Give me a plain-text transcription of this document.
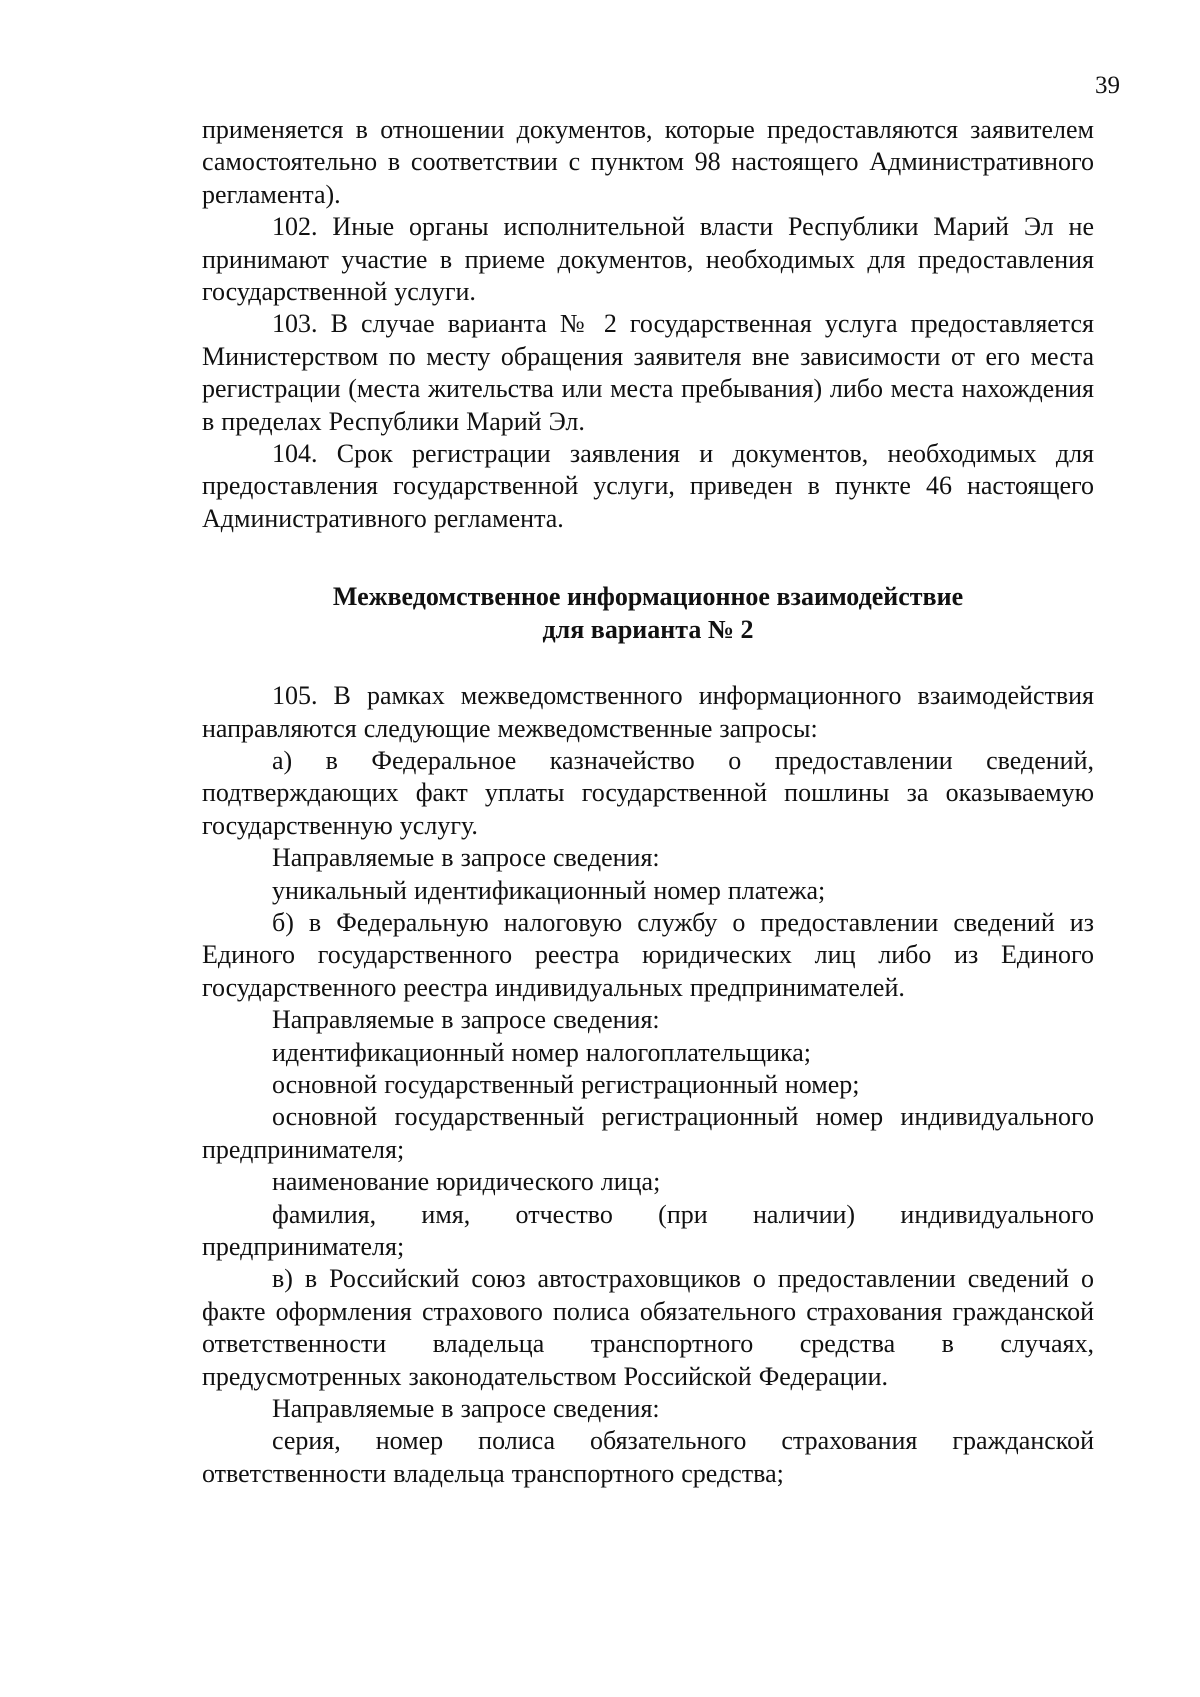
39

применяется в отношении документов, которые предоставляются заявителем самостоятельно в соответствии с пунктом 98 настоящего Административного регламента).

102. Иные органы исполнительной власти Республики Марий Эл не принимают участие в приеме документов, необходимых для предоставления государственной услуги.

103. В случае варианта № 2 государственная услуга предоставляется Министерством по месту обращения заявителя вне зависимости от его места регистрации (места жительства или места пребывания) либо места нахождения в пределах Республики Марий Эл.

104. Срок регистрации заявления и документов, необходимых для предоставления государственной услуги, приведен в пункте 46 настоящего Административного регламента.

Межведомственное информационное взаимодействие
для варианта № 2

105. В рамках межведомственного информационного взаимодействия направляются следующие межведомственные запросы:

а) в Федеральное казначейство о предоставлении сведений, подтверждающих факт уплаты государственной пошлины за оказываемую государственную услугу.

Направляемые в запросе сведения:

уникальный идентификационный номер платежа;

б) в Федеральную налоговую службу о предоставлении сведений из Единого государственного реестра юридических лиц либо из Единого государственного реестра индивидуальных предпринимателей.

Направляемые в запросе сведения:

идентификационный номер налогоплательщика;

основной государственный регистрационный номер;

основной государственный регистрационный номер индивидуального предпринимателя;

наименование юридического лица;

фамилия, имя, отчество (при наличии) индивидуального предпринимателя;

в) в Российский союз автостраховщиков о предоставлении сведений о факте оформления страхового полиса обязательного страхования гражданской ответственности владельца транспортного средства в случаях, предусмотренных законодательством Российской Федерации.

Направляемые в запросе сведения:

серия, номер полиса обязательного страхования гражданской ответственности владельца транспортного средства;
